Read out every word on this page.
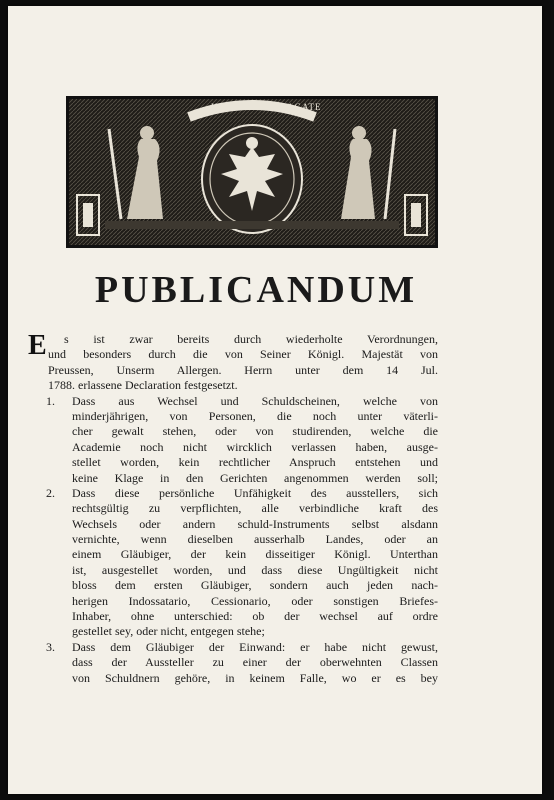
IUSTE	AGATE
PUBLICANDUM
E s ist zwar bereits durch wiederholte Verordnungen,
und besonders durch die von Seiner Königl. Majestät von
Preussen, Unserm Allergen. Herrn unter dem 14 Jul.
1788. erlassene Declaration festgesetzt.
1. Dass aus Wechsel und Schuldscheinen, welche von
minderjährigen, von Personen, die noch unter väterli-
cher gewalt stehen, oder von studirenden, welche die
Academie noch nicht wircklich verlassen haben, ausge-
stellet worden, kein rechtlicher Anspruch entstehen und
keine Klage in den Gerichten angenommen werden soll;
2. Dass diese persönliche Unfähigkeit des ausstellers, sich
rechtsgültig zu verpflichten, alle verbindliche kraft des
Wechsels oder andern schuld-Instruments selbst alsdann
vernichte, wenn dieselben ausserhalb Landes, oder an
einem Gläubiger, der kein disseitiger Königl. Unterthan
ist, ausgestellet worden, und dass diese Ungültigkeit nicht
bloss dem ersten Gläubiger, sondern auch jeden nach-
herigen Indossatario, Cessionario, oder sonstigen Briefes-
Inhaber, ohne unterschied: ob der wechsel auf ordre
gestellet sey, oder nicht, entgegen stehe;
3. Dass dem Gläubiger der Einwand: er habe nicht gewust,
dass der Aussteller zu einer der oberwehnten Classen
von Schuldnern gehöre, in keinem Falle, wo er es bey
